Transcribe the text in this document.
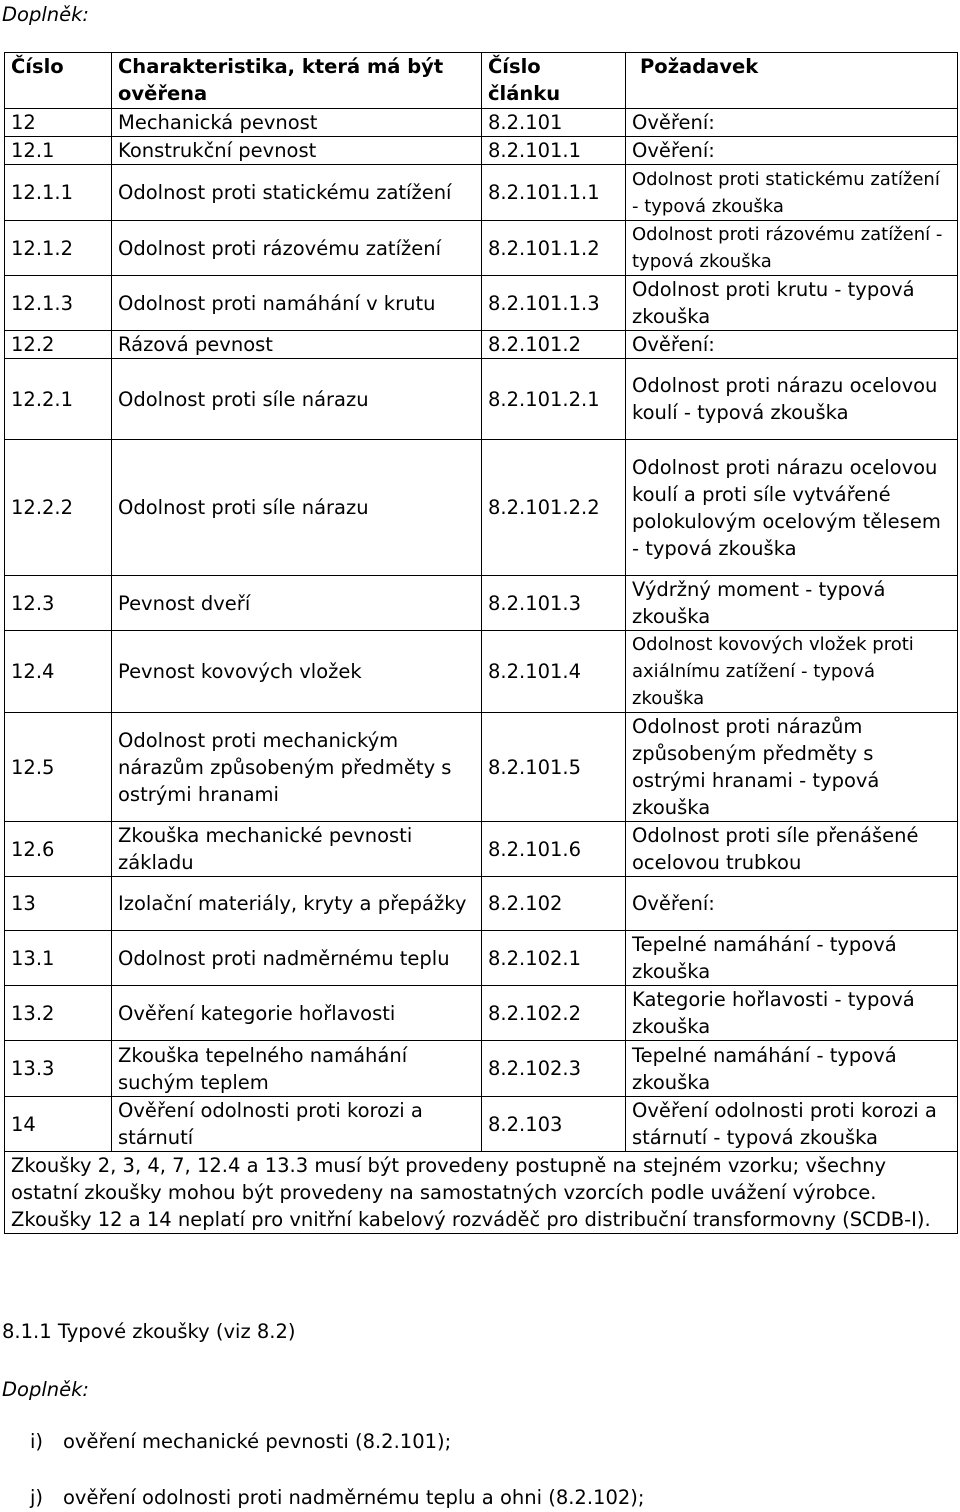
Doplněk:
Číslo	Charakteristika, která má být ověřena	Číslo článku	Požadavek
12	Mechanická pevnost	8.2.101	Ověření:
12.1	Konstrukční pevnost	8.2.101.1	Ověření:
12.1.1	Odolnost proti statickému zatížení	8.2.101.1.1	Odolnost proti statickému zatížení - typová zkouška
12.1.2	Odolnost proti rázovému zatížení	8.2.101.1.2	Odolnost proti rázovému zatížení - typová zkouška
12.1.3	Odolnost proti namáhání v krutu	8.2.101.1.3	Odolnost proti krutu - typová zkouška
12.2	Rázová pevnost	8.2.101.2	Ověření:
12.2.1	Odolnost proti síle nárazu	8.2.101.2.1	Odolnost proti nárazu ocelovou koulí - typová zkouška
12.2.2	Odolnost proti síle nárazu	8.2.101.2.2	Odolnost proti nárazu ocelovou koulí a proti síle vytvářené polokulovým ocelovým tělesem - typová zkouška
12.3	Pevnost dveří	8.2.101.3	Výdržný moment - typová zkouška
12.4	Pevnost kovových vložek	8.2.101.4	Odolnost kovových vložek proti axiálnímu zatížení - typová zkouška
12.5	Odolnost proti mechanickým nárazům způsobeným předměty s ostrými hranami	8.2.101.5	Odolnost proti nárazům způsobeným předměty s ostrými hranami - typová zkouška
12.6	Zkouška mechanické pevnosti základu	8.2.101.6	Odolnost proti síle přenášené ocelovou trubkou
13	Izolační materiály, kryty a přepážky	8.2.102	Ověření:
13.1	Odolnost proti nadměrnému teplu	8.2.102.1	Tepelné namáhání - typová zkouška
13.2	Ověření kategorie hořlavosti	8.2.102.2	Kategorie hořlavosti - typová zkouška
13.3	Zkouška tepelného namáhání suchým teplem	8.2.102.3	Tepelné namáhání - typová zkouška
14	Ověření odolnosti proti korozi a stárnutí	8.2.103	Ověření odolnosti proti korozi a stárnutí - typová zkouška

Zkoušky 2, 3, 4, 7, 12.4 a 13.3 musí být provedeny postupně na stejném vzorku; všechny ostatní zkoušky mohou být provedeny na samostatných vzorcích podle uvážení výrobce.
Zkoušky 12 a 14 neplatí pro vnitřní kabelový rozváděč pro distribuční transformovny (SCDB-I).			
8.1.1 Typové zkoušky (viz 8.2)
Doplněk:
i) ověření mechanické pevnosti (8.2.101);
j) ověření odolnosti proti nadměrnému teplu a ohni (8.2.102);
